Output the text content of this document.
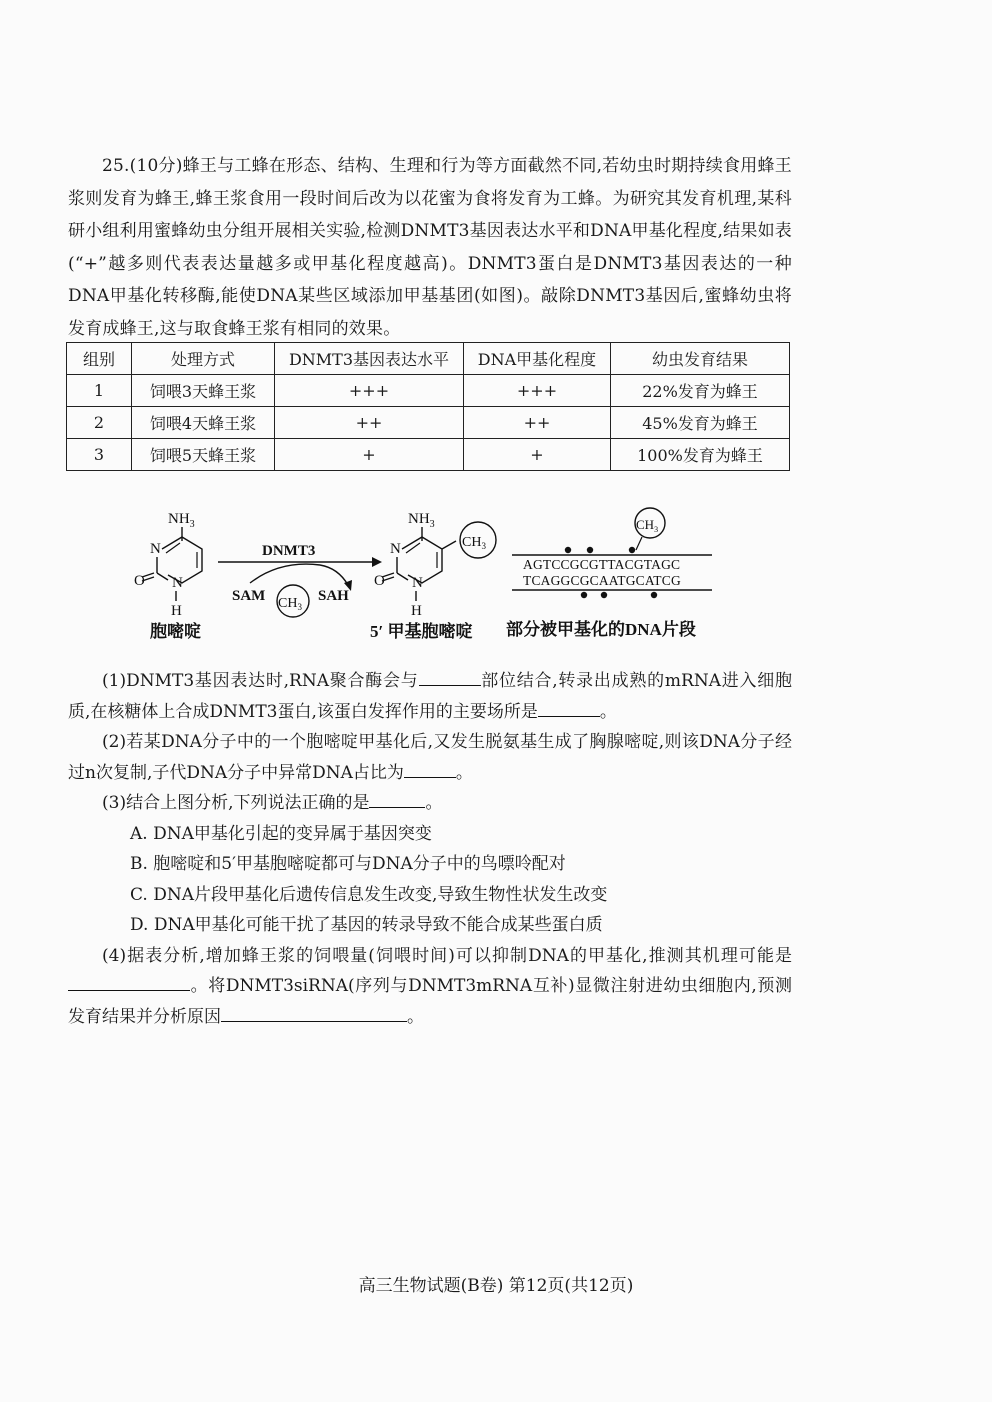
25.(10分)蜂王与工蜂在形态、结构、生理和行为等方面截然不同,若幼虫时期持续食用蜂王浆则发育为蜂王,蜂王浆食用一段时间后改为以花蜜为食将发育为工蜂。为研究其发育机理,某科研小组利用蜜蜂幼虫分组开展相关实验,检测DNMT3基因表达水平和DNA甲基化程度,结果如表(“+”越多则代表表达量越多或甲基化程度越高)。DNMT3蛋白是DNMT3基因表达的一种DNA甲基化转移酶,能使DNA某些区域添加甲基基团(如图)。敲除DNMT3基因后,蜜蜂幼虫将发育成蜂王,这与取食蜂王浆有相同的效果。

组别	处理方式	DNMT3基因表达水平	DNA甲基化程度	幼虫发育结果
1	饲喂3天蜂王浆	+++	+++	22%发育为蜂王
2	饲喂4天蜂王浆	++	++	45%发育为蜂王
3	饲喂5天蜂王浆	+	+	100%发育为蜂王
$NH_3$
N
N
O
H
胞嘧啶
DNMT3
SAM $CH_3$
SAH
$NH_3$
N
N
O
H
$CH_3$
5′ 甲基胞嘧啶
$CH_3$
AGTCCGCGTTACGTAGC
TCAGGCGCAATGCATCG
部分被甲基化的DNA片段

(1)DNMT3基因表达时,RNA聚合酶会与	部位结合,转录出成熟的mRNA进入细胞质,在核糖体上合成DNMT3蛋白,该蛋白发挥作用的主要场所是	。

(2)若某DNA分子中的一个胞嘧啶甲基化后,又发生脱氨基生成了胸腺嘧啶,则该DNA分子经过n次复制,子代DNA分子中异常DNA占比为	。

(3)结合上图分析,下列说法正确的是	。

A. DNA甲基化引起的变异属于基因突变

B. 胞嘧啶和5′甲基胞嘧啶都可与DNA分子中的鸟嘌呤配对

C. DNA片段甲基化后遗传信息发生改变,导致生物性状发生改变

D. DNA甲基化可能干扰了基因的转录导致不能合成某些蛋白质

(4)据表分析,增加蜂王浆的饲喂量(饲喂时间)可以抑制DNA的甲基化,推测其机理可能是。将DNMT3siRNA(序列与DNMT3mRNA互补)显微注射进幼虫细胞内,预测发育结果并分析原因	。

高三生物试题(B卷) 第12页(共12页)
